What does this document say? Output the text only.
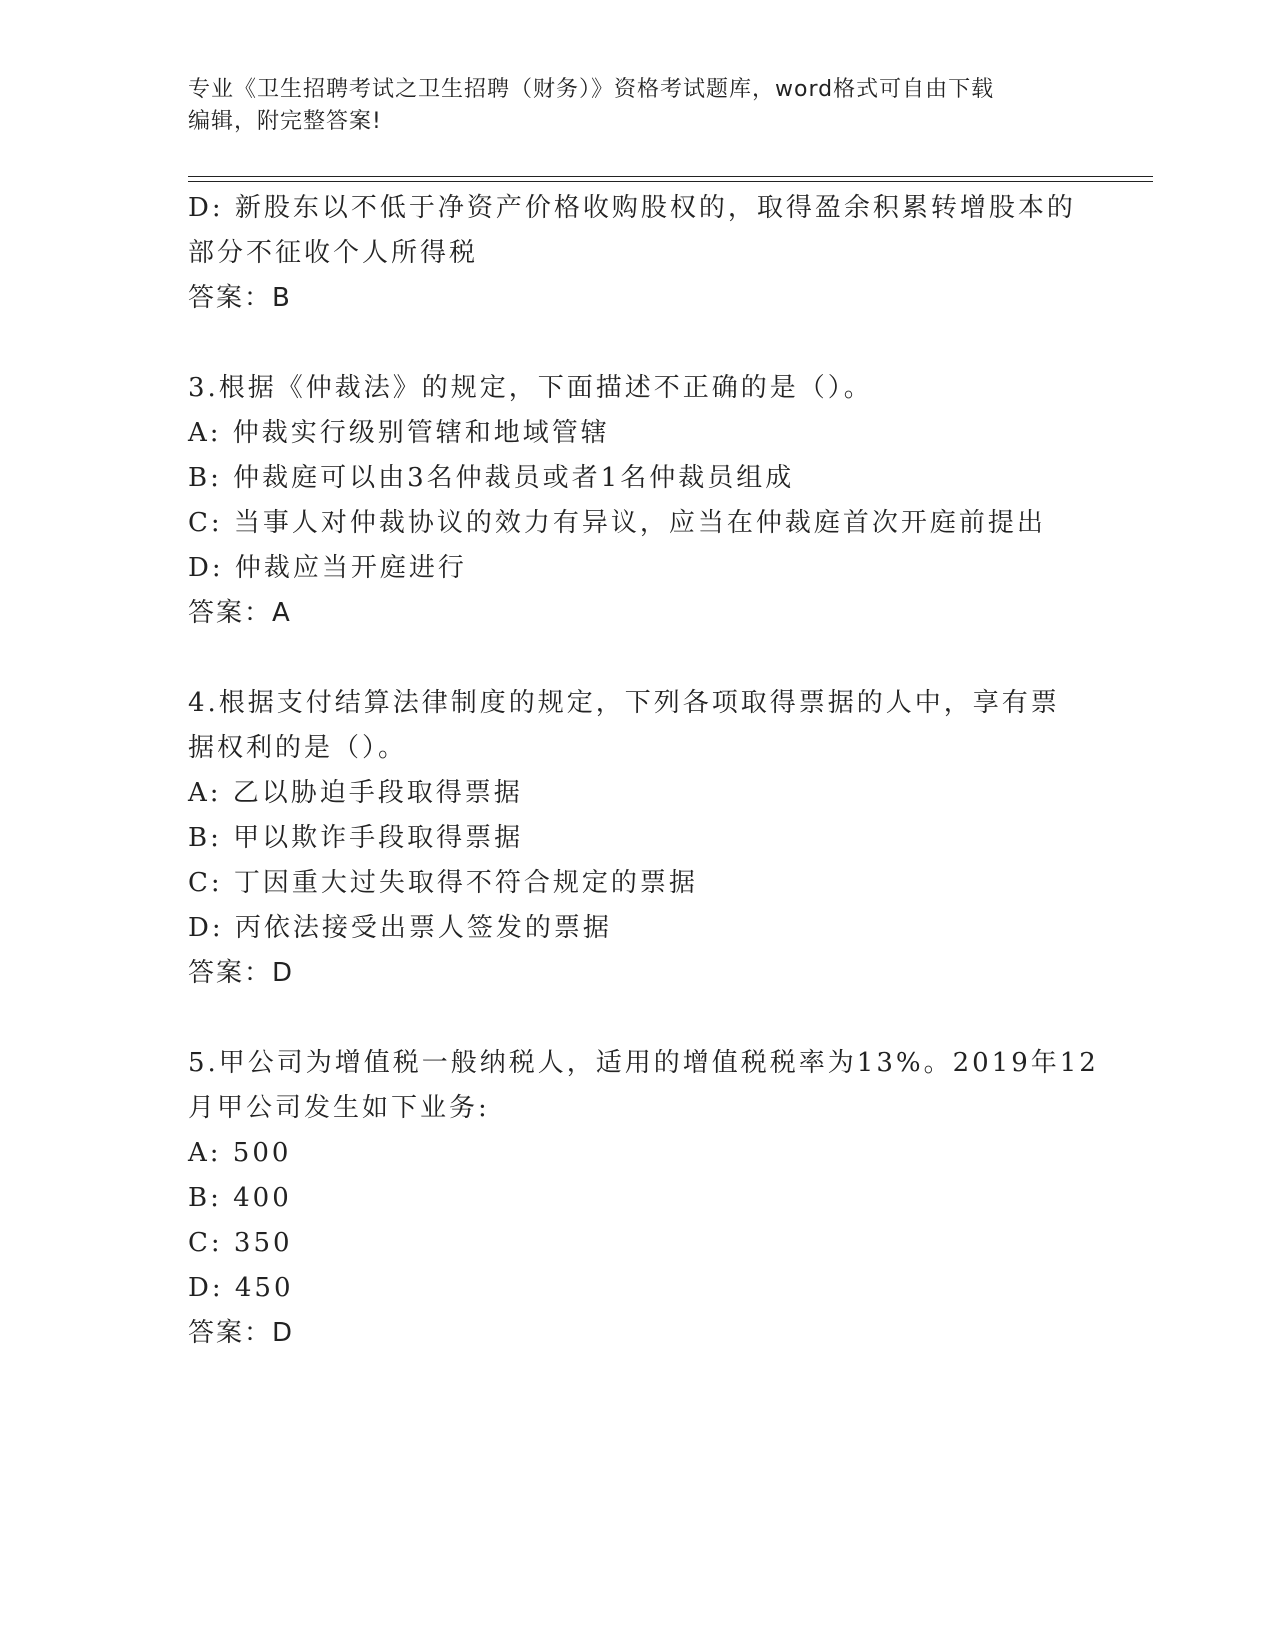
专业《卫生招聘考试之卫生招聘（财务）》资格考试题库，word格式可自由下载
编辑，附完整答案!
D: 新股东以不低于净资产价格收购股权的，取得盈余积累转增股本的
部分不征收个人所得税
答案：B
3.根据《仲裁法》的规定，下面描述不正确的是（）。
A: 仲裁实行级别管辖和地域管辖
B: 仲裁庭可以由3名仲裁员或者1名仲裁员组成
C: 当事人对仲裁协议的效力有异议，应当在仲裁庭首次开庭前提出
D: 仲裁应当开庭进行
答案：A
4.根据支付结算法律制度的规定，下列各项取得票据的人中，享有票
据权利的是（）。
A: 乙以胁迫手段取得票据
B: 甲以欺诈手段取得票据
C: 丁因重大过失取得不符合规定的票据
D: 丙依法接受出票人签发的票据
答案：D
5.甲公司为增值税一般纳税人，适用的增值税税率为13%。2019年12
月甲公司发生如下业务:
A: 500
B: 400
C: 350
D: 450
答案：D
